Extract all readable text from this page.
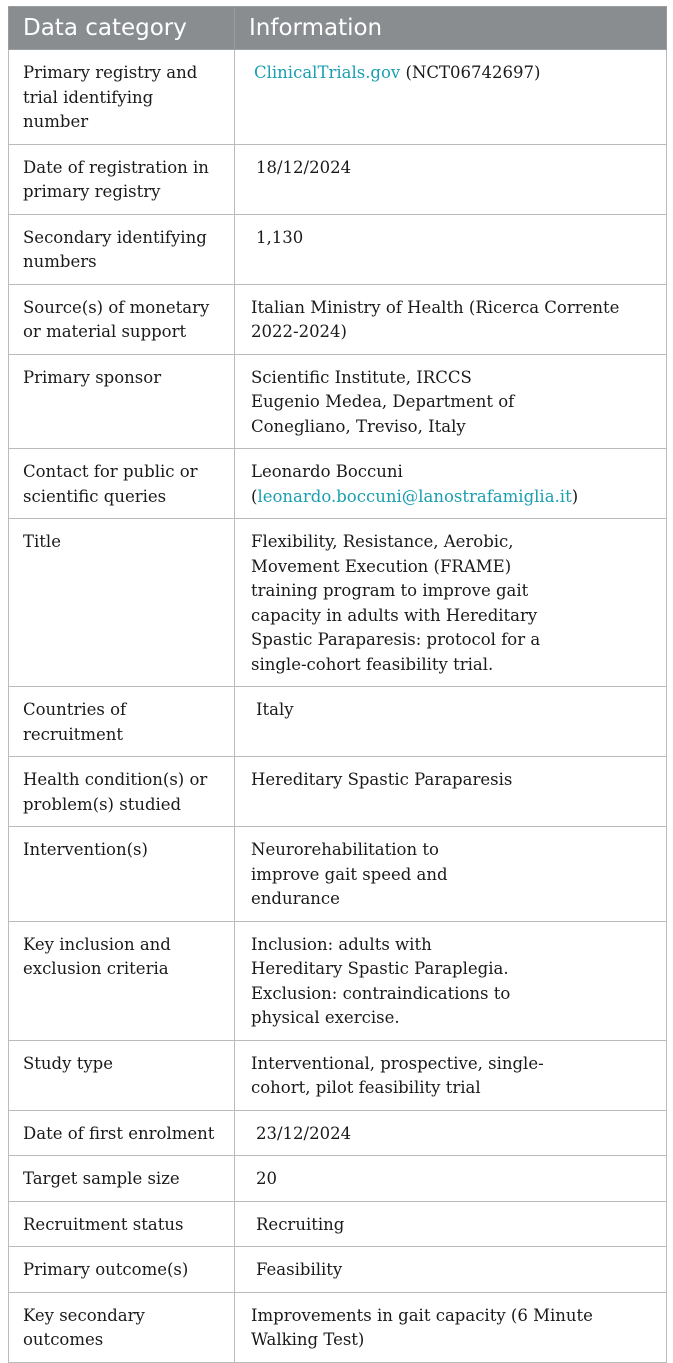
Data category	Information
Primary registry and trial identifying number	ClinicalTrials.gov (NCT06742697)
Date of registration in primary registry	18/12/2024
Secondary identifying numbers	1,130
Source(s) of monetary or material support	Italian Ministry of Health (Ricerca Corrente 2022-2024)
Primary sponsor	Scientific Institute, IRCCS Eugenio Medea, Department of Conegliano, Treviso, Italy
Contact for public or scientific queries	Leonardo Boccuni (leonardo.boccuni@lanostrafamiglia.it)
Title	Flexibility, Resistance, Aerobic, Movement Execution (FRAME) training program to improve gait capacity in adults with Hereditary Spastic Paraparesis: protocol for a single-cohort feasibility trial.
Countries of recruitment	Italy
Health condition(s) or problem(s) studied	Hereditary Spastic Paraparesis
Intervention(s)	Neurorehabilitation to improve gait speed and endurance
Key inclusion and exclusion criteria	Inclusion: adults with Hereditary Spastic Paraplegia. Exclusion: contraindications to physical exercise.
Study type	Interventional, prospective, single-cohort, pilot feasibility trial
Date of first enrolment	23/12/2024
Target sample size	20
Recruitment status	Recruiting
Primary outcome(s)	Feasibility
Key secondary outcomes	Improvements in gait capacity (6 Minute Walking Test)
